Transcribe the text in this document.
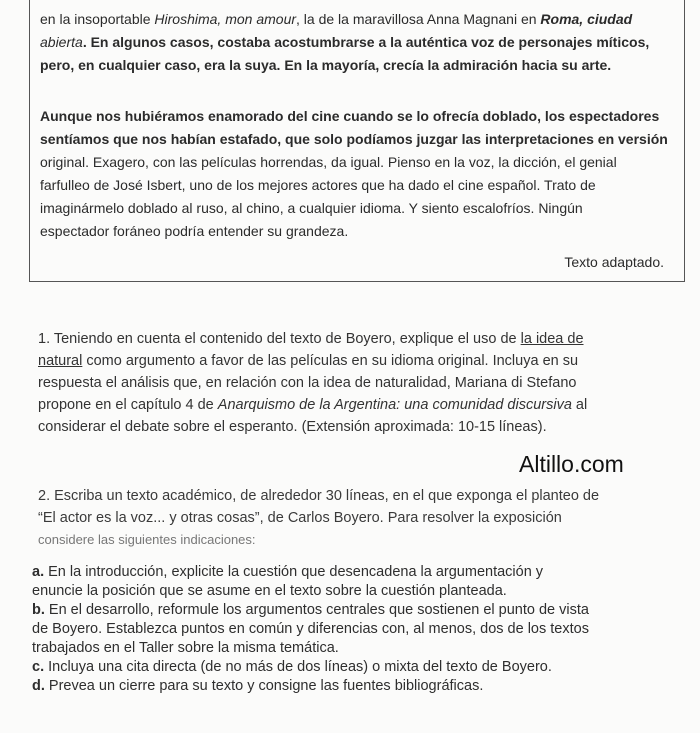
en la insoportable Hiroshima, mon amour, la de la maravillosa Anna Magnani en Roma, ciudad
abierta. En algunos casos, costaba acostumbrarse a la auténtica voz de personajes míticos,
pero, en cualquier caso, era la suya. En la mayoría, crecía la admiración hacia su arte.
Aunque nos hubiéramos enamorado del cine cuando se lo ofrecía doblado, los espectadores
sentíamos que nos habían estafado, que solo podíamos juzgar las interpretaciones en versión
original. Exagero, con las películas horrendas, da igual. Pienso en la voz, la dicción, el genial
farfulleo de José Isbert, uno de los mejores actores que ha dado el cine español. Trato de
imaginármelo doblado al ruso, al chino, a cualquier idioma. Y siento escalofríos. Ningún
espectador foráneo podría entender su grandeza.
Texto adaptado.
1. Teniendo en cuenta el contenido del texto de Boyero, explique el uso de la idea de
natural como argumento a favor de las películas en su idioma original. Incluya en su
respuesta el análisis que, en relación con la idea de naturalidad, Mariana di Stefano
propone en el capítulo 4 de Anarquismo de la Argentina: una comunidad discursiva al
considerar el debate sobre el esperanto. (Extensión aproximada: 10-15 líneas).
Altillo.com
2. Escriba un texto académico, de alrededor 30 líneas, en el que exponga el planteo de
“El actor es la voz... y otras cosas”, de Carlos Boyero. Para resolver la exposición
considere las siguientes indicaciones:
a. En la introducción, explicite la cuestión que desencadena la argumentación y
enuncie la posición que se asume en el texto sobre la cuestión planteada.
b. En el desarrollo, reformule los argumentos centrales que sostienen el punto de vista
de Boyero. Establezca puntos en común y diferencias con, al menos, dos de los textos
trabajados en el Taller sobre la misma temática.
c. Incluya una cita directa (de no más de dos líneas) o mixta del texto de Boyero.
d. Prevea un cierre para su texto y consigne las fuentes bibliográficas.
